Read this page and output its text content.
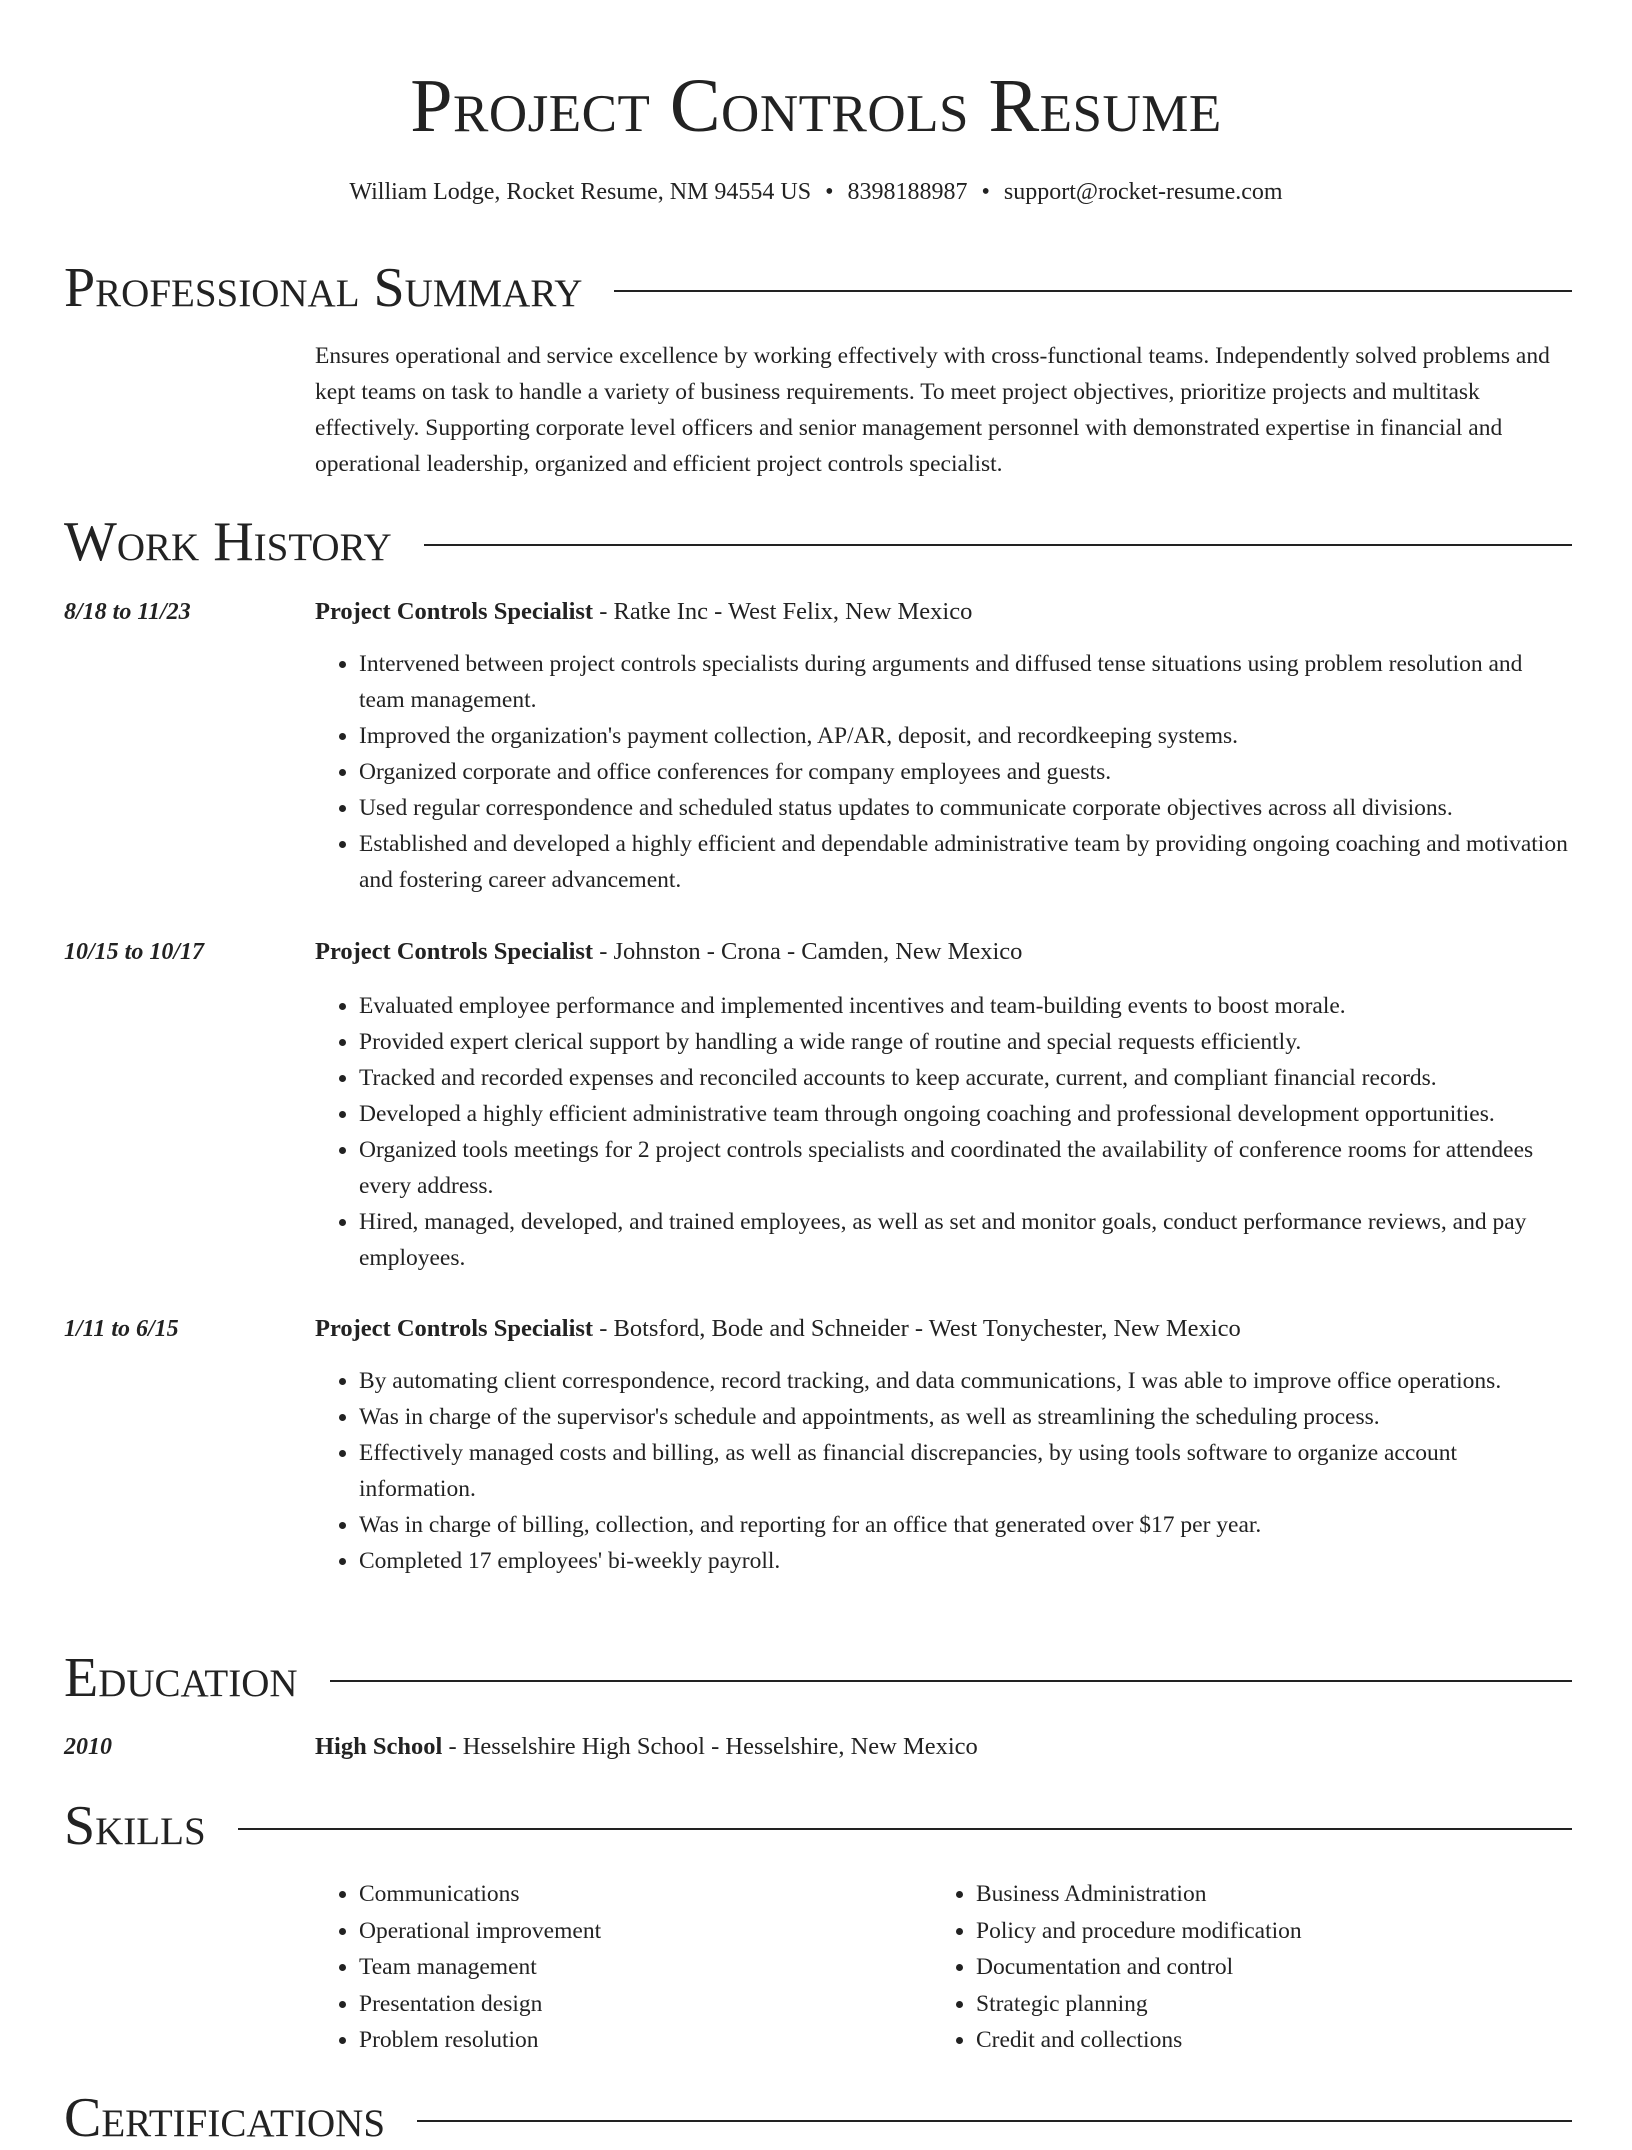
Project Controls Resume
William Lodge, Rocket Resume, NM 94554 US • 8398188987 • support@rocket-resume.com
Professional Summary

Ensures operational and service excellence by working effectively with cross-functional teams. Independently solved problems and kept teams on task to handle a variety of business requirements. To meet project objectives, prioritize projects and multitask effectively. Supporting corporate level officers and senior management personnel with demonstrated expertise in financial and operational leadership, organized and efficient project controls specialist.

Work History
8/18 to 11/23	Project Controls Specialist - Ratke Inc - West Felix, New Mexico
• Intervened between project controls specialists during arguments and diffused tense situations using problem resolution and team management.
• Improved the organization's payment collection, AP/AR, deposit, and recordkeeping systems.
• Organized corporate and office conferences for company employees and guests.
• Used regular correspondence and scheduled status updates to communicate corporate objectives across all divisions.
• Established and developed a highly efficient and dependable administrative team by providing ongoing coaching and motivation and fostering career advancement.
10/15 to 10/17	Project Controls Specialist - Johnston - Crona - Camden, New Mexico
• Evaluated employee performance and implemented incentives and team-building events to boost morale.
• Provided expert clerical support by handling a wide range of routine and special requests efficiently.
• Tracked and recorded expenses and reconciled accounts to keep accurate, current, and compliant financial records.
• Developed a highly efficient administrative team through ongoing coaching and professional development opportunities.
• Organized tools meetings for 2 project controls specialists and coordinated the availability of conference rooms for attendees every address.
• Hired, managed, developed, and trained employees, as well as set and monitor goals, conduct performance reviews, and pay employees.
1/11 to 6/15	Project Controls Specialist - Botsford, Bode and Schneider - West Tonychester, New Mexico
• By automating client correspondence, record tracking, and data communications, I was able to improve office operations.
• Was in charge of the supervisor's schedule and appointments, as well as streamlining the scheduling process.
• Effectively managed costs and billing, as well as financial discrepancies, by using tools software to organize account information.
• Was in charge of billing, collection, and reporting for an office that generated over $17 per year.
• Completed 17 employees' bi-weekly payroll.
Education
2010	High School - Hesselshire High School - Hesselshire, New Mexico
Skills
• Communications
• Operational improvement
• Team management
• Presentation design
• Problem resolution
• Business Administration
• Policy and procedure modification
• Documentation and control
• Strategic planning
• Credit and collections
Certifications
